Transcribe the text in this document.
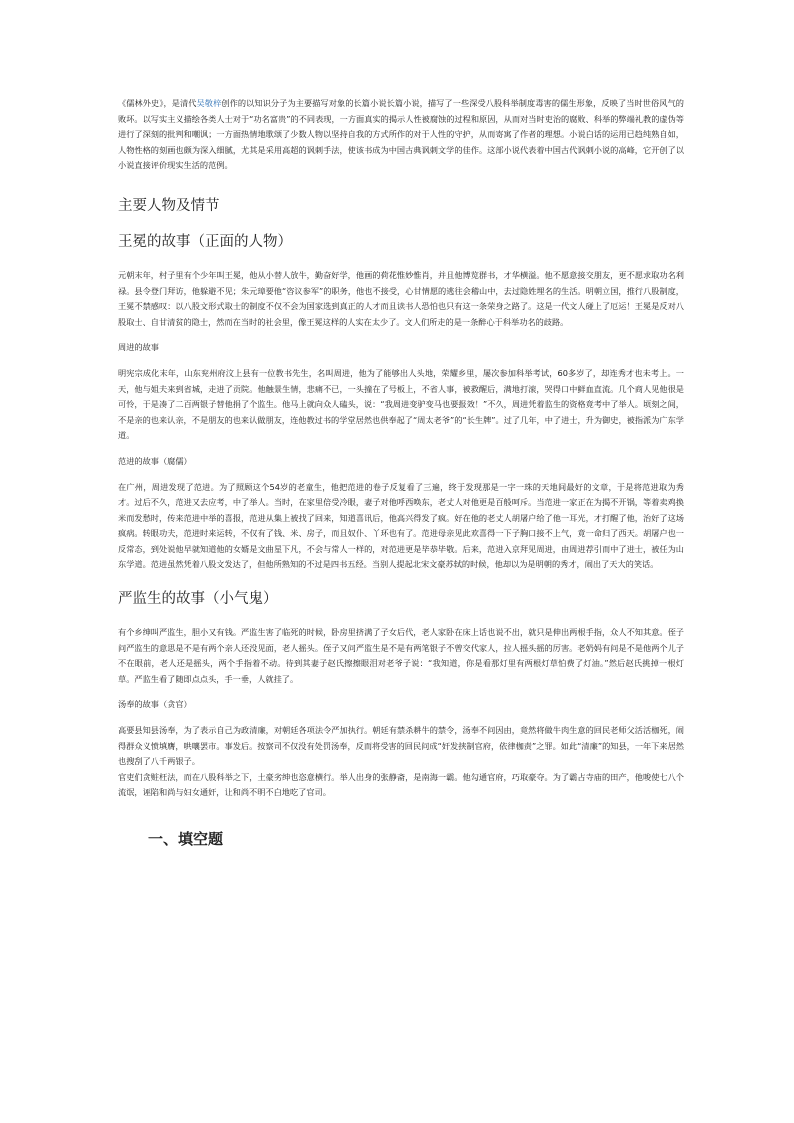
《儒林外史》，是清代吴敬梓创作的以知识分子为主要描写对象的长篇小说长篇小说，描写了一些深受八股科举制度毒害的儒生形象，反映了当时世俗风气的败坏。以写实主义描绘各类人士对于“功名富贵”的不同表现，一方面真实的揭示人性被腐蚀的过程和原因，从而对当时吏治的腐败、科举的弊端礼教的虚伪等进行了深刻的批判和嘲讽；一方面热情地歌颂了少数人物以坚持自我的方式所作的对于人性的守护，从而寄寓了作者的理想。小说白话的运用已趋纯熟自如，人物性格的刻画也颇为深入细腻，尤其是采用高超的讽刺手法，使该书成为中国古典讽刺文学的佳作。这部小说代表着中国古代讽刺小说的高峰，它开创了以小说直接评价现实生活的范例。

主要人物及情节
王冕的故事（正面的人物）

元朝末年，村子里有个少年叫王冕，他从小替人放牛，勤奋好学，他画的荷花惟妙惟肖，并且他博览群书，才华横溢。他不愿意接交朋友，更不愿求取功名利禄。县令登门拜访，他躲避不见；朱元璋要他“咨议参军”的职务，他也不接受，心甘情愿的逃往会稽山中，去过隐姓埋名的生活。明朝立国，推行八股制度，王冕不禁感叹：以八股文形式取士的制度不仅不会为国家选到真正的人才而且读书人恐怕也只有这一条荣身之路了。这是一代文人碰上了厄运！王冕是反对八股取士、自甘清贫的隐士，然而在当时的社会里，像王冕这样的人实在太少了。文人们所走的是一条醉心于科举功名的歧路。

周进的故事

明宪宗成化末年，山东兖州府汶上县有一位教书先生，名叫周进，他为了能够出人头地，荣耀乡里，屡次参加科举考试，60多岁了，却连秀才也未考上。一天，他与姐夫来到省城，走进了贡院。他触景生情，悲痛不已，一头撞在了号板上，不省人事，被救醒后，满地打滚，哭得口中鲜血直流。几个商人见他很是可怜，于是凑了二百两银子替他捐了个监生。他马上就向众人磕头，说：“我周进变驴变马也要报效！”不久，周进凭着监生的资格竟考中了举人。顷刻之间，不是亲的也来认亲，不是朋友的也来认做朋友，连他教过书的学堂居然也供奉起了“周太老爷”的“长生牌”。过了几年，中了进士，升为御史，被指派为广东学道。

范进的故事（腐儒）

在广州，周进发现了范进。为了照顾这个54岁的老童生，他把范进的卷子反复看了三遍，终于发现那是一字一珠的天地间最好的文章，于是将范进取为秀才。过后不久，范进又去应考，中了举人。当时，在家里倍受冷眼，妻子对他呼西唤东，老丈人对他更是百般呵斥。当范进一家正在为揭不开锅，等着卖鸡换米而发愁时，传来范进中举的喜报，范进从集上被找了回来，知道喜讯后，他高兴得发了疯。好在他的老丈人胡屠户给了他一耳光，才打醒了他，治好了这场疯病。转眼功夫，范进时来运转，不仅有了钱、米、房子，而且奴仆、丫环也有了。范进母亲见此欢喜得一下子胸口接不上气，竟一命归了西天。胡屠户也一反常态，到处说他早就知道他的女婿是文曲星下凡，不会与常人一样的，对范进更是毕恭毕敬。后来，范进入京拜见周进，由周进荐引而中了进士，被任为山东学道。范进虽然凭着八股文发达了，但他所熟知的不过是四书五经。当别人提起北宋文豪苏轼的时候，他却以为是明朝的秀才，闹出了天大的笑话。

严监生的故事（小气鬼）

有个乡绅叫严监生，胆小又有钱。严监生害了临死的时候，卧房里挤满了子女后代，老人家卧在床上话也说不出，就只是伸出两根手指，众人不知其意。侄子问严监生的意思是不是有两个亲人还没见面，老人摇头。侄子又问严监生是不是有两笔银子不曾交代家人，拉人摇头摇的厉害。老奶妈有问是不是他两个儿子不在眼前，老人还是摇头，两个手指着不动。待到其妻子赵氏擦擦眼泪对老爷子说：“我知道，你是看那灯里有两根灯草怕费了灯油。”然后赵氏挑掉一根灯草。严监生看了随即点点头，手一垂，人就挂了。

汤奉的故事（贪官）

高要县知县汤奉，为了表示自己为政清廉，对朝廷各项法令严加执行。朝廷有禁杀耕牛的禁令，汤奉不问因由，竟然将做牛肉生意的回民老师父活活枷死，闹得群众义愤填膺，哄嚷罢市。事发后。按察司不仅没有处罚汤奉，反而将受害的回民问成“奸发挟制官府，依律枷责”之罪。如此“清廉”的知县，一年下来居然也搜刮了八千两银子。

官吏们贪赃枉法，而在八股科举之下，土豪劣绅也恣意横行。举人出身的张静斋，是南海一霸。他勾通官府，巧取豪夺。为了霸占寺庙的田产，他唆使七八个流氓，诬陷和尚与妇女通奸，让和尚不明不白地吃了官司。

一、填空题
